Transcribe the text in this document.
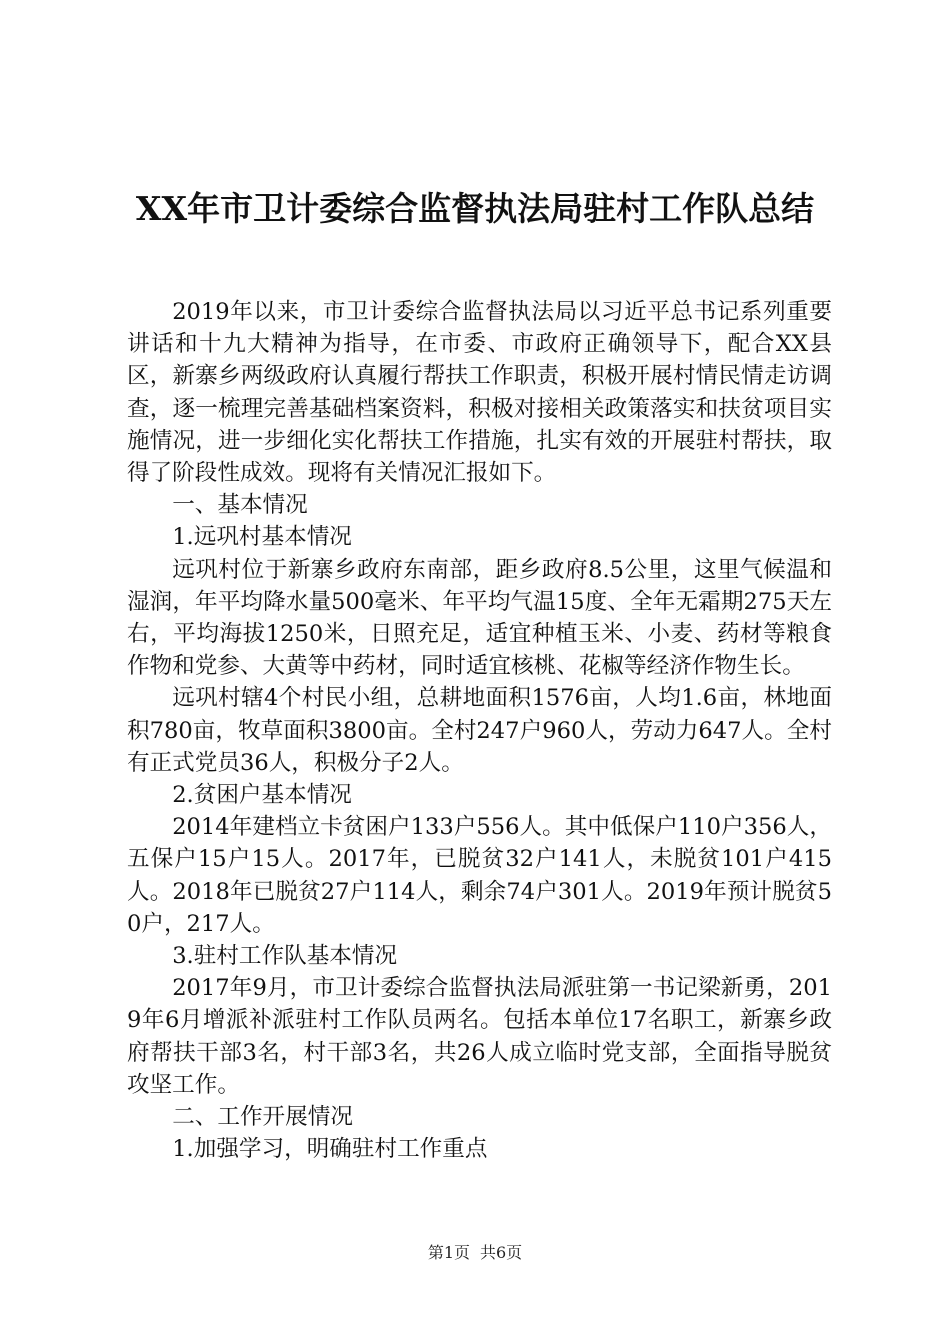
XX年市卫计委综合监督执法局驻村工作队总结

2019年以来，市卫计委综合监督执法局以习近平总书记系列重要讲话和十九大精神为指导，在市委、市政府正确领导下，配合XX县区，新寨乡两级政府认真履行帮扶工作职责，积极开展村情民情走访调查，逐一梳理完善基础档案资料，积极对接相关政策落实和扶贫项目实施情况，进一步细化实化帮扶工作措施，扎实有效的开展驻村帮扶，取得了阶段性成效。现将有关情况汇报如下。

一、基本情况

1.远巩村基本情况

远巩村位于新寨乡政府东南部，距乡政府8.5公里，这里气候温和湿润，年平均降水量500毫米、年平均气温15度、全年无霜期275天左右，平均海拔1250米，日照充足，适宜种植玉米、小麦、药材等粮食作物和党参、大黄等中药材，同时适宜核桃、花椒等经济作物生长。

远巩村辖4个村民小组，总耕地面积1576亩，人均1.6亩，林地面积780亩，牧草面积3800亩。全村247户960人，劳动力647人。全村有正式党员36人，积极分子2人。

2.贫困户基本情况

2014年建档立卡贫困户133户556人。其中低保户110户356人，五保户15户15人。2017年，已脱贫32户141人，未脱贫101户415人。2018年已脱贫27户114人，剩余74户301人。2019年预计脱贫50户，217人。

3.驻村工作队基本情况

2017年9月，市卫计委综合监督执法局派驻第一书记梁新勇，2019年6月增派补派驻村工作队员两名。包括本单位17名职工，新寨乡政府帮扶干部3名，村干部3名，共26人成立临时党支部，全面指导脱贫攻坚工作。

二、工作开展情况

1.加强学习，明确驻村工作重点

第1页 共6页
